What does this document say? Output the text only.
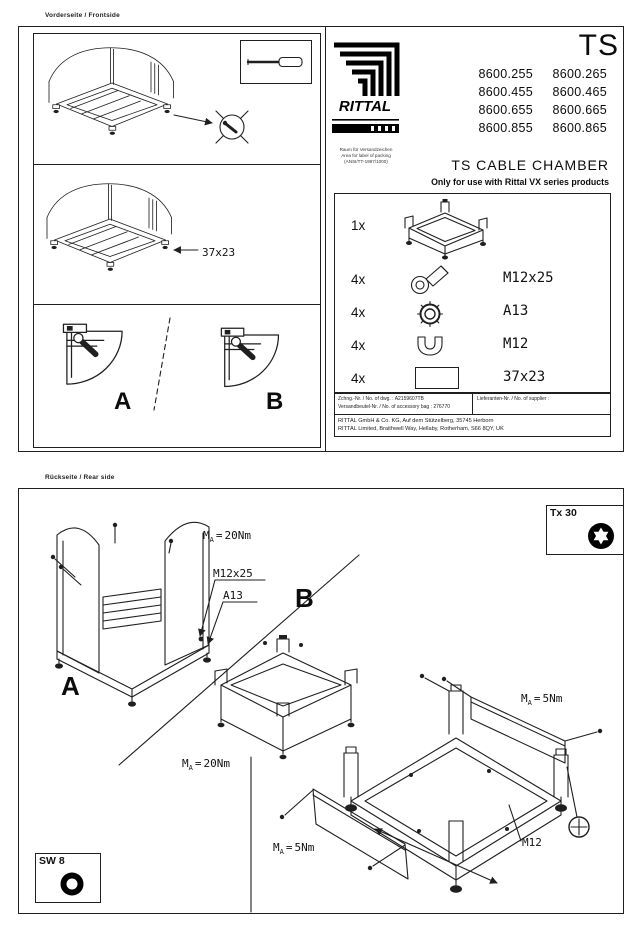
Vorderseite / Frontside
37x23
A	B
RITTAL
Raum für Versandzeichen
Area for label of packing
(ANSI/TT-1997/1000)
TS
8600.255	8600.265
8600.455	8600.465
8600.655	8600.665
8600.855	8600.865
TS CABLE CHAMBER
Only for use with Rittal VX series products
1x
4x	M12x25
4x	A13
4x	M12
4x	37x23
Zchng.-Nr. / No. of dwg. : A2159607TB
Versandbeutel-Nr. / No. of accessory bag : 276770
Lieferanten-Nr. / No. of supplier :
RITTAL GmbH & Co. KG, Auf dem Stützelberg, 35745 Herborn
RITTAL Limited, Braithwell Way, Hellaby, Rotherham, S66 8QY, UK
Rückseite / Rear side
A
B
$M_A = 20Nm$
$M_A = 20Nm$
$M_A = 5Nm$
$M_A = 5Nm$
M12x25
A13
M12
Tx 30
SW 8
